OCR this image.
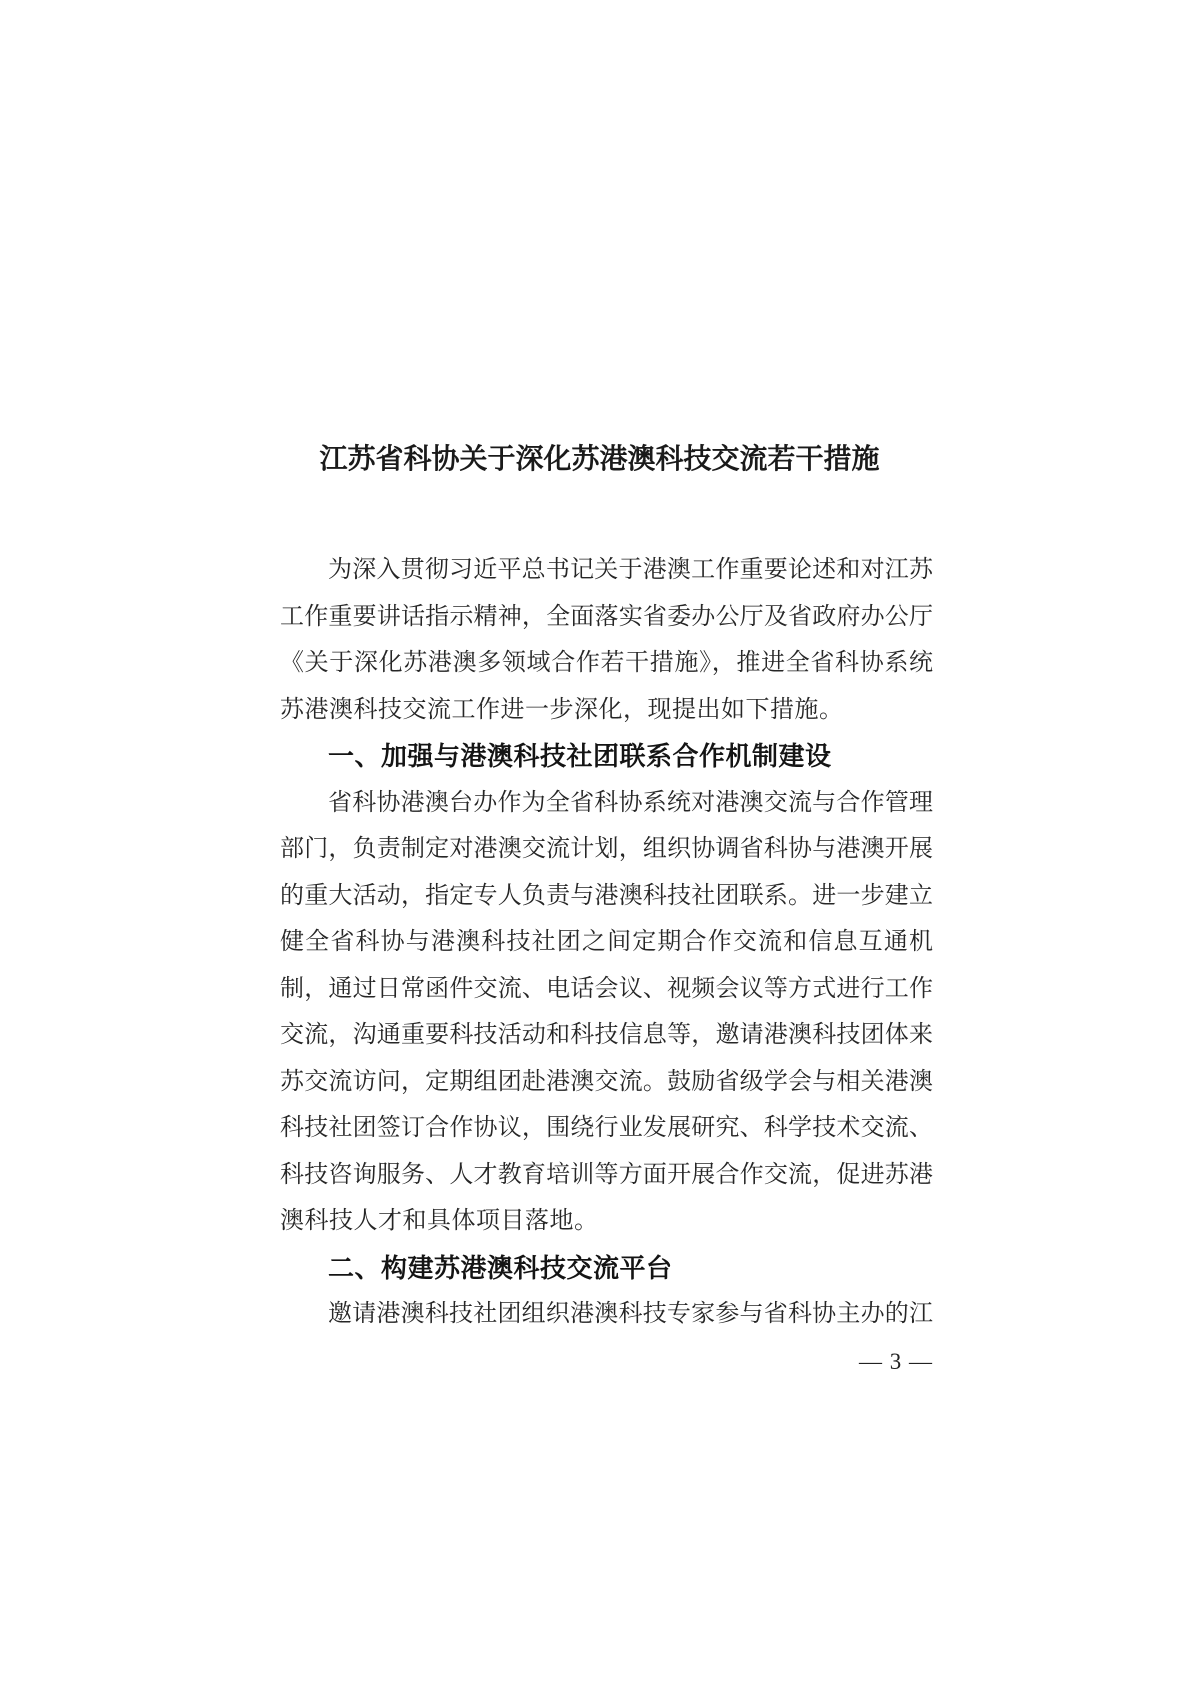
江苏省科协关于深化苏港澳科技交流若干措施
为深入贯彻习近平总书记关于港澳工作重要论述和对江苏
工作重要讲话指示精神，全面落实省委办公厅及省政府办公厅
《关于深化苏港澳多领域合作若干措施》，推进全省科协系统
苏港澳科技交流工作进一步深化，现提出如下措施。
一、加强与港澳科技社团联系合作机制建设
省科协港澳台办作为全省科协系统对港澳交流与合作管理
部门，负责制定对港澳交流计划，组织协调省科协与港澳开展
的重大活动，指定专人负责与港澳科技社团联系。进一步建立
健全省科协与港澳科技社团之间定期合作交流和信息互通机
制，通过日常函件交流、电话会议、视频会议等方式进行工作
交流，沟通重要科技活动和科技信息等，邀请港澳科技团体来
苏交流访问，定期组团赴港澳交流。鼓励省级学会与相关港澳
科技社团签订合作协议，围绕行业发展研究、科学技术交流、
科技咨询服务、人才教育培训等方面开展合作交流，促进苏港
澳科技人才和具体项目落地。
二、构建苏港澳科技交流平台
邀请港澳科技社团组织港澳科技专家参与省科协主办的江
— 3 —
